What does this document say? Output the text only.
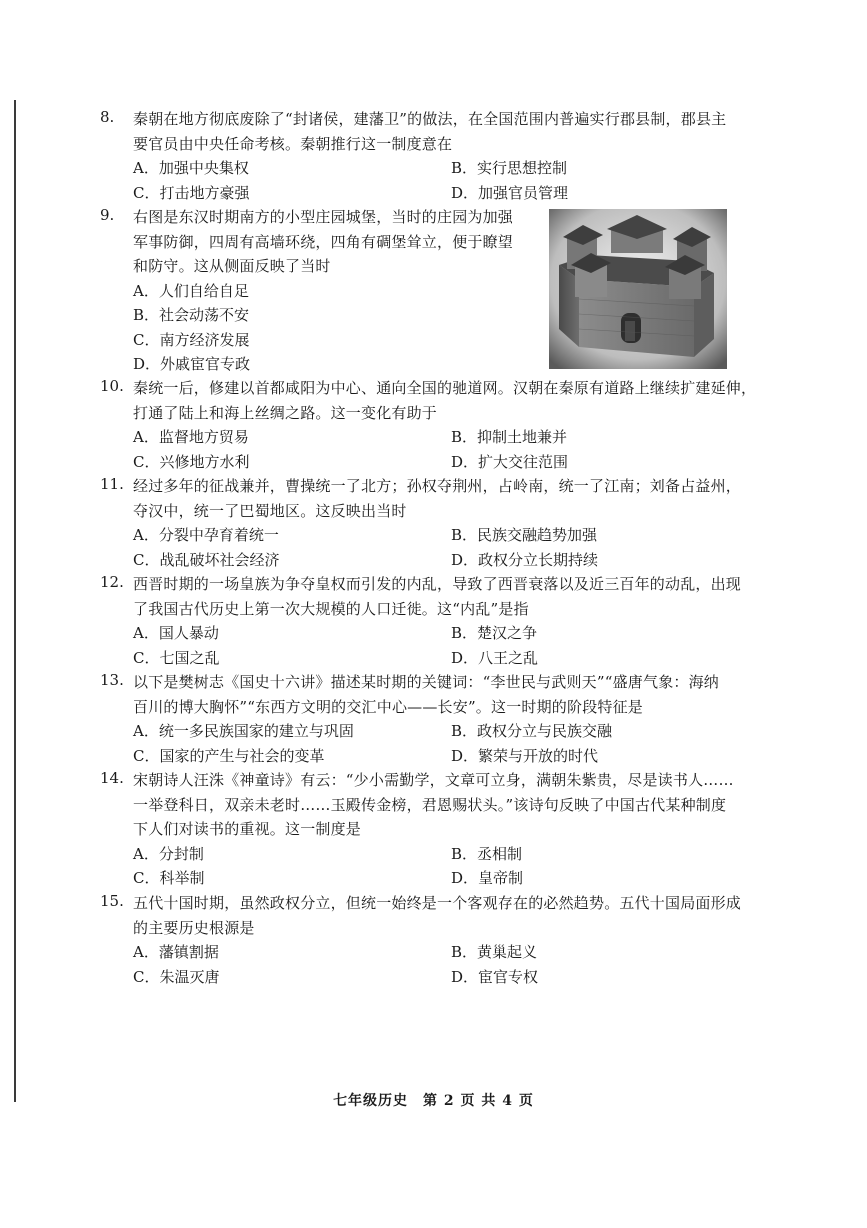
8. 秦朝在地方彻底废除了“封诸侯，建藩卫”的做法，在全国范围内普遍实行郡县制，郡县主
要官员由中央任命考核。秦朝推行这一制度意在
A．加强中央集权	B．实行思想控制
C．打击地方豪强	D．加强官员管理
9. 右图是东汉时期南方的小型庄园城堡，当时的庄园为加强
军事防御，四周有高墙环绕，四角有碉堡耸立，便于瞭望
和防守。这从侧面反映了当时
A．人们自给自足
B．社会动荡不安
C．南方经济发展
D．外戚宦官专政
10. 秦统一后，修建以首都咸阳为中心、通向全国的驰道网。汉朝在秦原有道路上继续扩建延伸，
打通了陆上和海上丝绸之路。这一变化有助于
A．监督地方贸易	B．抑制土地兼并
C．兴修地方水利	D．扩大交往范围
11. 经过多年的征战兼并，曹操统一了北方；孙权夺荆州，占岭南，统一了江南；刘备占益州，
夺汉中，统一了巴蜀地区。这反映出当时
A．分裂中孕育着统一	B．民族交融趋势加强
C．战乱破坏社会经济	D．政权分立长期持续
12. 西晋时期的一场皇族为争夺皇权而引发的内乱，导致了西晋衰落以及近三百年的动乱，出现
了我国古代历史上第一次大规模的人口迁徙。这“内乱”是指
A．国人暴动	B．楚汉之争
C．七国之乱	D．八王之乱
13. 以下是樊树志《国史十六讲》描述某时期的关键词：“李世民与武则天”“盛唐气象：海纳
百川的博大胸怀”“东西方文明的交汇中心——长安”。这一时期的阶段特征是
A．统一多民族国家的建立与巩固	B．政权分立与民族交融
C．国家的产生与社会的变革	D．繁荣与开放的时代
14. 宋朝诗人汪洙《神童诗》有云：“少小需勤学，文章可立身，满朝朱紫贵，尽是读书人……
一举登科日，双亲未老时……玉殿传金榜，君恩赐状头。”该诗句反映了中国古代某种制度
下人们对读书的重视。这一制度是
A．分封制	B．丞相制
C．科举制	D．皇帝制
15. 五代十国时期，虽然政权分立，但统一始终是一个客观存在的必然趋势。五代十国局面形成
的主要历史根源是
A．藩镇割据	B．黄巢起义
C．朱温灭唐	D．宦官专权
七年级历史　第 2 页 共 4 页
